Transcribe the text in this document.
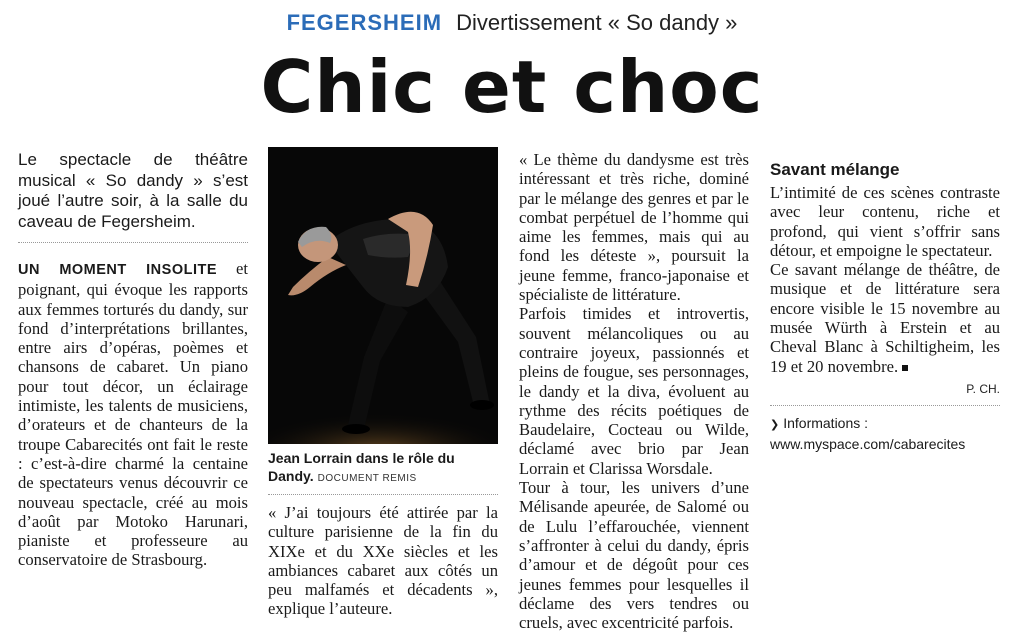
FEGERSHEIM Divertissement « So dandy »
Chic et choc

Le spectacle de théâtre musical « So dandy » s’est joué l’autre soir, à la salle du caveau de Fegersheim.

UN MOMENT INSOLITE et poignant, qui évoque les rapports aux femmes torturés du dandy, sur fond d’interprétations brillantes, entre airs d’opéras, poèmes et chansons de cabaret. Un piano pour tout décor, un éclairage intimiste, les talents de musiciens, d’orateurs et de chanteurs de la troupe Cabarecités ont fait le reste : c’est-à-dire charmé la centaine de spectateurs venus découvrir ce nouveau spectacle, créé au mois d’août par Motoko Harunari, pianiste et professeure au conservatoire de Strasbourg.

Jean Lorrain dans le rôle du Dandy. DOCUMENT REMIS

« J’ai toujours été attirée par la culture parisienne de la fin du XIXe et du XXe siècles et les ambiances cabaret aux côtés un peu malfamés et décadents », explique l’auteure.

« Le thème du dandysme est très intéressant et très riche, dominé par le mélange des genres et par le combat perpétuel de l’homme qui aime les femmes, mais qui au fond les déteste », poursuit la jeune femme, franco-japonaise et spécialiste de littérature.

Parfois timides et introvertis, souvent mélancoliques ou au contraire joyeux, passionnés et pleins de fougue, ses personnages, le dandy et la diva, évoluent au rythme des récits poétiques de Baudelaire, Cocteau ou Wilde, déclamé avec brio par Jean Lorrain et Clarissa Worsdale.

Tour à tour, les univers d’une Mélisande apeurée, de Salomé ou de Lulu l’effarouchée, viennent s’affronter à celui du dandy, épris d’amour et de dégoût pour ces jeunes femmes pour lesquelles il déclame des vers tendres ou cruels, avec excentricité parfois.

Savant mélange

L’intimité de ces scènes contraste avec leur contenu, riche et profond, qui vient s’offrir sans détour, et empoigne le spectateur.

Ce savant mélange de théâtre, de musique et de littérature sera encore visible le 15 novembre au musée Würth à Erstein et au Cheval Blanc à Schiltigheim, les 19 et 20 novembre.

P. CH.

❯ Informations :
www.myspace.com/cabarecites
